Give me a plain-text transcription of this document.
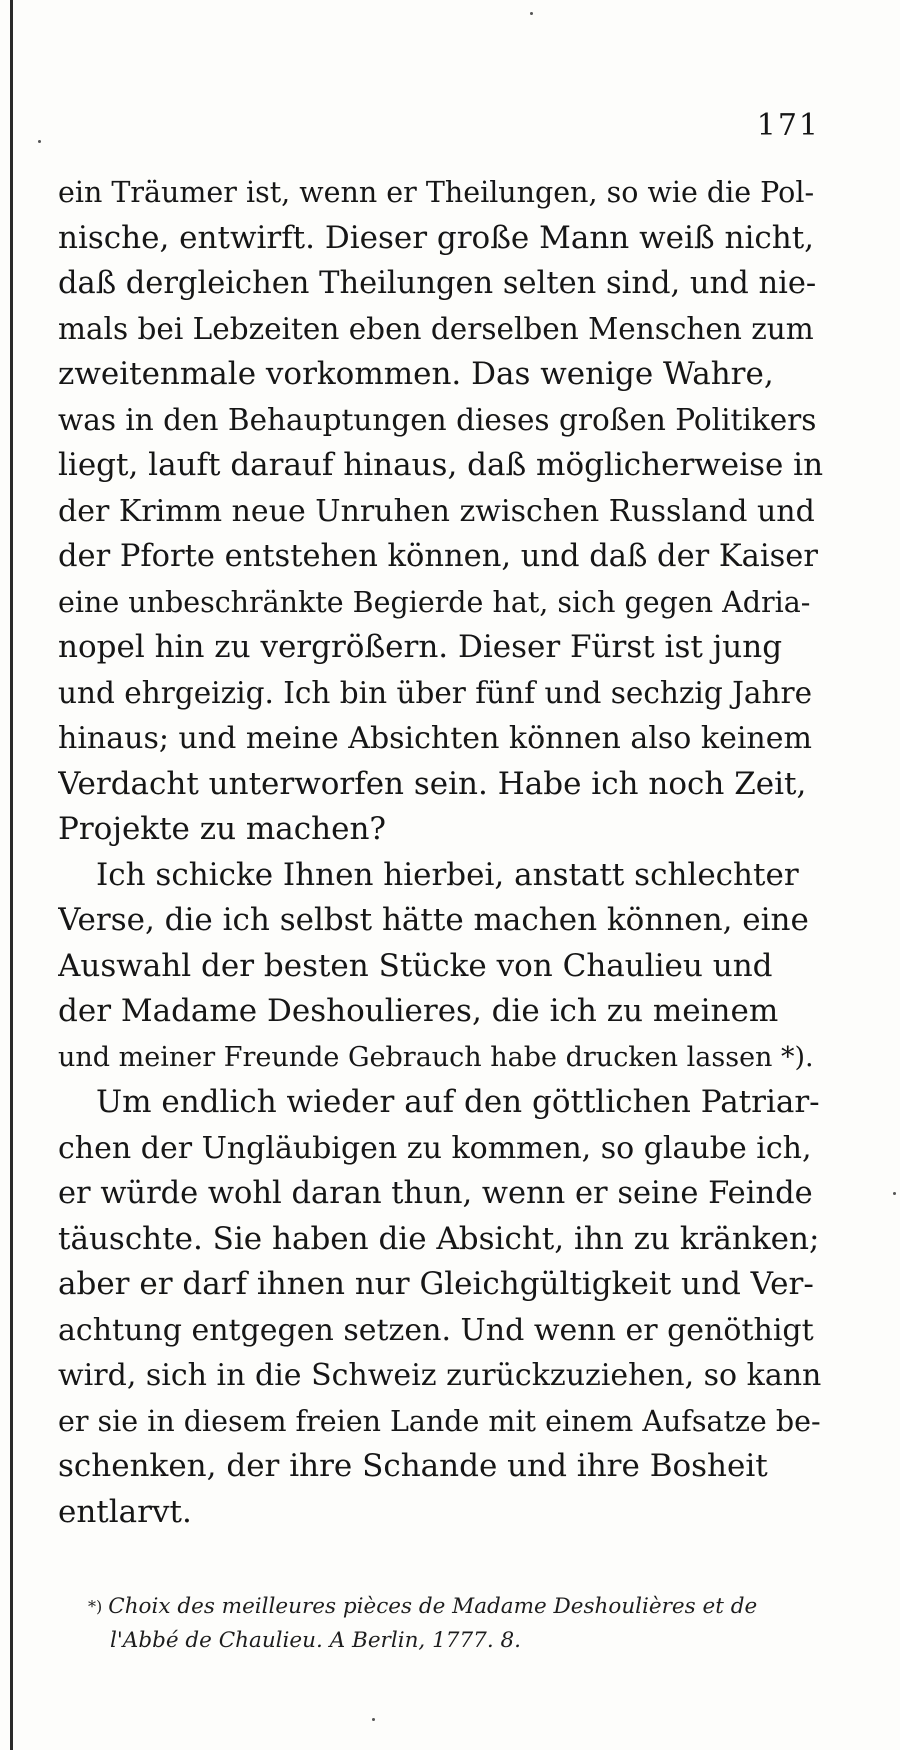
171
ein Träumer ist, wenn er Theilungen, so wie die Pol-
nische, entwirft. Dieser große Mann weiß nicht,
daß dergleichen Theilungen selten sind, und nie-
mals bei Lebzeiten eben derselben Menschen zum
zweitenmale vorkommen. Das wenige Wahre,
was in den Behauptungen dieses großen Politikers
liegt, lauft darauf hinaus, daß möglicherweise in
der Krimm neue Unruhen zwischen Russland und
der Pforte entstehen können, und daß der Kaiser
eine unbeschränkte Begierde hat, sich gegen Adria-
nopel hin zu vergrößern. Dieser Fürst ist jung
und ehrgeizig. Ich bin über fünf und sechzig Jahre
hinaus; und meine Absichten können also keinem
Verdacht unterworfen sein. Habe ich noch Zeit,
Projekte zu machen?
Ich schicke Ihnen hierbei, anstatt schlechter
Verse, die ich selbst hätte machen können, eine
Auswahl der besten Stücke von Chaulieu und
der Madame Deshoulieres, die ich zu meinem
und meiner Freunde Gebrauch habe drucken lassen *).
Um endlich wieder auf den göttlichen Patriar-
chen der Ungläubigen zu kommen, so glaube ich,
er würde wohl daran thun, wenn er seine Feinde
täuschte. Sie haben die Absicht, ihn zu kränken;
aber er darf ihnen nur Gleichgültigkeit und Ver-
achtung entgegen setzen. Und wenn er genöthigt
wird, sich in die Schweiz zurückzuziehen, so kann
er sie in diesem freien Lande mit einem Aufsatze be-
schenken, der ihre Schande und ihre Bosheit
entlarvt.
*) Choix des meilleures pièces de Madame Deshoulières et de
l'Abbé de Chaulieu. A Berlin, 1777. 8.
